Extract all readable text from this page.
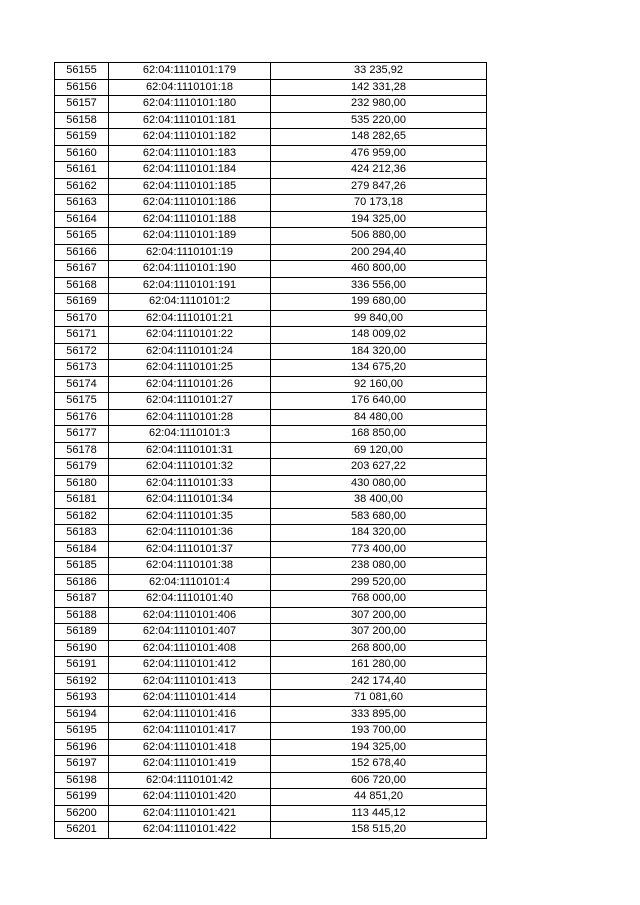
56155	62:04:1110101:179	33 235,92
56156	62:04:1110101:18	142 331,28
56157	62:04:1110101:180	232 980,00
56158	62:04:1110101:181	535 220,00
56159	62:04:1110101:182	148 282,65
56160	62:04:1110101:183	476 959,00
56161	62:04:1110101:184	424 212,36
56162	62:04:1110101:185	279 847,26
56163	62:04:1110101:186	70 173,18
56164	62:04:1110101:188	194 325,00
56165	62:04:1110101:189	506 880,00
56166	62:04:1110101:19	200 294,40
56167	62:04:1110101:190	460 800,00
56168	62:04:1110101:191	336 556,00
56169	62:04:1110101:2	199 680,00
56170	62:04:1110101:21	99 840,00
56171	62:04:1110101:22	148 009,02
56172	62:04:1110101:24	184 320,00
56173	62:04:1110101:25	134 675,20
56174	62:04:1110101:26	92 160,00
56175	62:04:1110101:27	176 640,00
56176	62:04:1110101:28	84 480,00
56177	62:04:1110101:3	168 850,00
56178	62:04:1110101:31	69 120,00
56179	62:04:1110101:32	203 627,22
56180	62:04:1110101:33	430 080,00
56181	62:04:1110101:34	38 400,00
56182	62:04:1110101:35	583 680,00
56183	62:04:1110101:36	184 320,00
56184	62:04:1110101:37	773 400,00
56185	62:04:1110101:38	238 080,00
56186	62:04:1110101:4	299 520,00
56187	62:04:1110101:40	768 000,00
56188	62:04:1110101:406	307 200,00
56189	62:04:1110101:407	307 200,00
56190	62:04:1110101:408	268 800,00
56191	62:04:1110101:412	161 280,00
56192	62:04:1110101:413	242 174,40
56193	62:04:1110101:414	71 081,60
56194	62:04:1110101:416	333 895,00
56195	62:04:1110101:417	193 700,00
56196	62:04:1110101:418	194 325,00
56197	62:04:1110101:419	152 678,40
56198	62:04:1110101:42	606 720,00
56199	62:04:1110101:420	44 851,20
56200	62:04:1110101:421	113 445,12
56201	62:04:1110101:422	158 515,20
